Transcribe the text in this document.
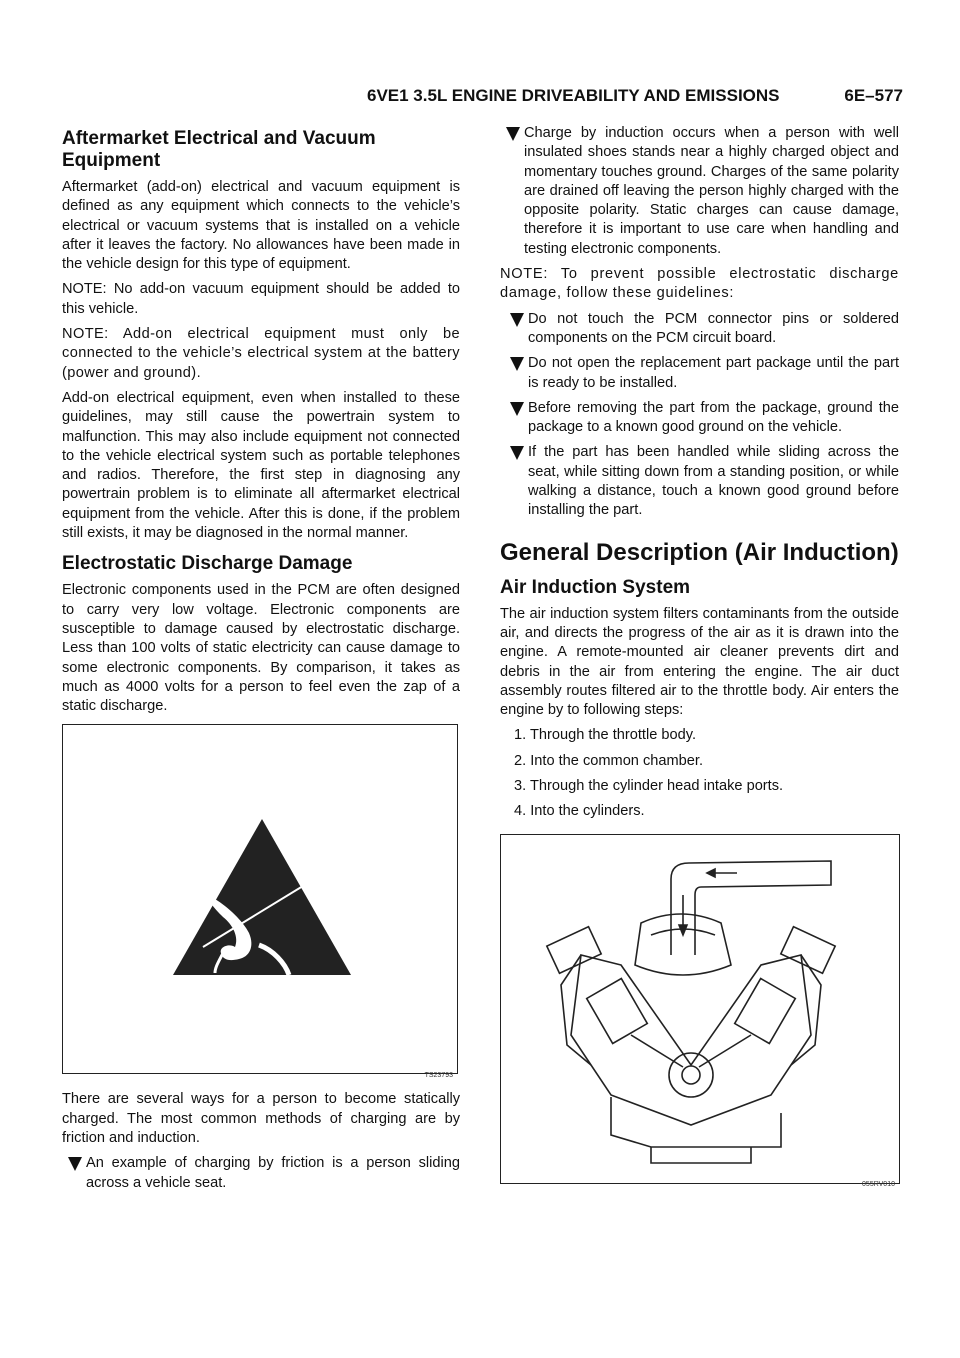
6VE1 3.5L ENGINE DRIVEABILITY AND EMISSIONS	6E–577
Aftermarket Electrical and Vacuum Equipment

Aftermarket (add-on) electrical and vacuum equipment is defined as any equipment which connects to the vehicle’s electrical or vacuum systems that is installed on a vehicle after it leaves the factory. No allowances have been made in the vehicle design for this type of equipment.

NOTE: No add-on vacuum equipment should be added to this vehicle.

NOTE: Add-on electrical equipment must only be connected to the vehicle’s electrical system at the battery (power and ground).

Add-on electrical equipment, even when installed to these guidelines, may still cause the powertrain system to malfunction. This may also include equipment not connected to the vehicle electrical system such as portable telephones and radios. Therefore, the first step in diagnosing any powertrain problem is to eliminate all aftermarket electrical equipment from the vehicle. After this is done, if the problem still exists, it may be diagnosed in the normal manner.

Electrostatic Discharge Damage

Electronic components used in the PCM are often designed to carry very low voltage. Electronic components are susceptible to damage caused by electrostatic discharge. Less than 100 volts of static electricity can cause damage to some electronic components. By comparison, it takes as much as 4000 volts for a person to feel even the zap of a static discharge.

TS23793

There are several ways for a person to become statically charged. The most common methods of charging are by friction and induction.

An example of charging by friction is a person sliding across a vehicle seat.
Charge by induction occurs when a person with well insulated shoes stands near a highly charged object and momentary touches ground. Charges of the same polarity are drained off leaving the person highly charged with the opposite polarity. Static charges can cause damage, therefore it is important to use care when handling and testing electronic components.

NOTE: To prevent possible electrostatic discharge damage, follow these guidelines:

Do not touch the PCM connector pins or soldered components on the PCM circuit board.
Do not open the replacement part package until the part is ready to be installed.
Before removing the part from the package, ground the package to a known good ground on the vehicle.
If the part has been handled while sliding across the seat, while sitting down from a standing position, or while walking a distance, touch a known good ground before installing the part.
General Description (Air Induction)
Air Induction System

The air induction system filters contaminants from the outside air, and directs the progress of the air as it is drawn into the engine. A remote-mounted air cleaner prevents dirt and debris in the air from entering the engine. The air duct assembly routes filtered air to the throttle body. Air enters the engine by to following steps:

1. Through the throttle body.
2. Into the common chamber.
3. Through the cylinder head intake ports.
4. Into the cylinders.
055RV010
